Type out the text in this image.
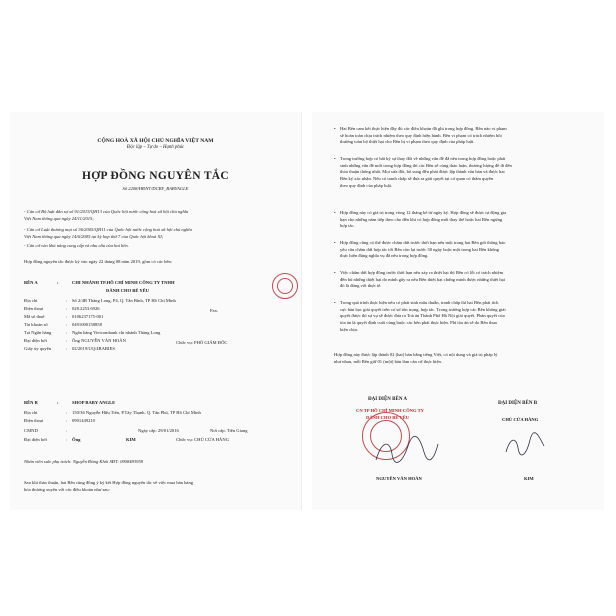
CỘNG HOÀ XÃ HỘI CHỦ NGHĨA VIỆT NAM
Độc lập – Tự do – Hạnh phúc
HỢP ĐỒNG NGUYÊN TẮC
Số 2208/HĐNT/DCBY_BABYAGLE
- Căn cứ Bộ luật dân sự số 91/2015/QH13 của Quốc hội nước cộng hoà xã hội chủ nghĩa
Việt Nam thông qua ngày 24/11/2015;
- Căn cứ Luật thương mại số 36/2005/QH11 của Quốc hội nước cộng hoà xã hội chủ nghĩa
Việt Nam thông qua ngày 14/6/2005 tại kỳ họp thứ 7 của Quốc hội khoá XI;
- Căn cứ vào khả năng cung cấp và nhu cầu của hai bên.
Hợp đồng nguyên tắc được ký vào ngày 22 tháng 08 năm 2019, gồm có các bên:
BÊN A	:	CHI NHÁNH TP.HỒ CHÍ MINH CÔNG TY TNHH
DÀNH CHO BÉ YÊU
Địa chỉ	: Số 2/4B Thăng Long, P4, Q. Tân Bình, TP Hồ Chí Minh
Điện thoại	: 028.2253.6926	Fax:
Mã số thuế	: 0106237175-001
Tài khoản số	: 0491000158858
Tại Ngân hàng	: Ngân hàng Vietcombank chi nhánh Thăng Long
Đại diện bởi	: Ông NGUYỄN VĂN HOÀN	Chức vụ: PHÓ GIÁM ĐỐC
Giấy ủy quyền	: 02/2019/UQ/4BABIES
BÊN B	:	SHOP BABY ANGLE
Địa chỉ	: 150/36 Nguyễn Hữu Tiến, P.Tây Thạnh, Q. Tân Phú, TP Hồ Chí Minh
Điện thoại	: 0901449210
CMND	:	Ngày cấp: 29/01/2016	Nơi cấp: Tiền Giang
Đại diện bởi	: Ông	KIM	Chức vụ: CHỦ CỬA HÀNG
Nhân viên sale phụ trách: Nguyễn Đăng Khôi SĐT: 0908483959
Sau khi thảo thuận, hai Bên cùng đồng ý ký kết Hợp đồng nguyên tắc về việc mua bán hàng
hóa thương xuyên với các điều khoản như sau:
• Hai Bên cam kết thực hiện đầy đủ các điều khoản đã ghi trong hợp đồng. Bên nào vi phạm
sẽ hoàn toàn chịu trách nhiệm theo quy định hiện hành. Bên vi phạm có trách nhiệm bồi
thường toàn bộ thiệt hại cho Bên bị vi phạm theo quy định của pháp luật.
• Trong trường hợp có bất kỳ sự thay đổi về những vấn đề đã nêu trong hợp đồng hoặc phát
sinh những vấn đề mới trong hợp đồng thì các Bên sẽ cùng thảo luận, thương lượng để đi đến
thỏa thuận thống nhất. Mọi sửa đổi, bổ sung đều phải được lập thành văn bản và được hai
Bên ký xác nhận. Nếu có tranh chấp sẽ đưa ra giải quyết tại cơ quan có thẩm quyền
theo quy định của pháp luật.
• Hợp đồng này có giá trị trong vòng 12 tháng kể từ ngày ký. Hợp đồng sẽ được tự động gia
hạn cho những năm tiếp theo cho đến khi có hợp đồng mới thay thế hoặc hai Bên ngừng
hợp tác.
• Hợp đồng cũng có thể được chấm dứt trước thời hạn nếu một trong hai Bên gửi thông báo
yêu cầu chấm dứt hợp tác tới Bên còn lại trước 30 ngày hoặc một trong hai Bên không
thực hiện đúng nghĩa vụ đã nêu trong hợp đồng.
• Việc chấm dứt hợp đồng trước thời hạn nếu xảy ra thiệt hại thì Bên có lỗi có trách nhiệm
đền bù những thiệt hại do mình gây ra nếu Bên thiệt hại chứng minh được những thiệt hại
đó là đúng với thực tế.
• Trong quá trình thực hiện nếu có phát sinh mâu thuẫn, tranh chấp thì hai Bên phải tích
cực bàn bạc giải quyết trên cơ sở tôn trọng, hợp tác. Trong trường hợp các Bên không giải
quyết được thì sự vụ sẽ được đưa ra Toà án Thành Phố Hà Nội giải quyết. Phán quyết của
tòa án là quyết định cuối cùng buộc các bên phải thực hiện. Phí tòa án sẽ do Bên thua
kiện chịu.
Hợp đồng này được lập thành 02 (hai) bản bằng tiếng Việt, có nội dung và giá trị pháp lý
như nhau, mỗi Bên giữ 01 (một) bản làm căn cứ thực hiện.
ĐẠI DIỆN BÊN A
ĐẠI DIỆN BÊN B
CN TP HỒ CHÍ MINH CÔNG TY
DÀNH CHO BÉ YÊU	CHỦ CỬA HÀNG
NGUYỄN VĂN HOÀN	KIM
